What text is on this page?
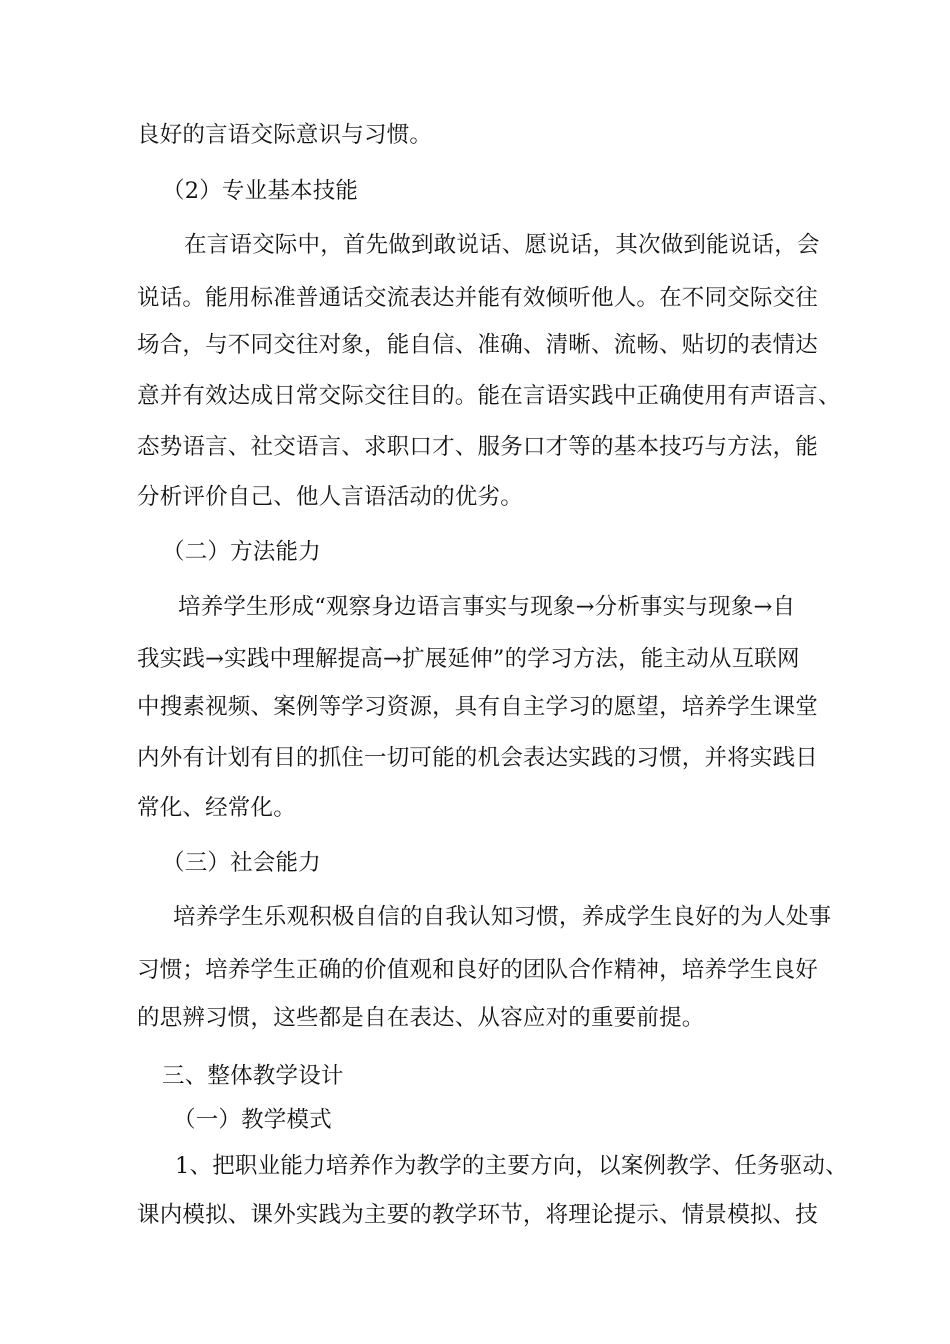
良好的言语交际意识与习惯。
（2）专业基本技能
在言语交际中，首先做到敢说话、愿说话，其次做到能说话，会
说话。能用标准普通话交流表达并能有效倾听他人。在不同交际交往
场合，与不同交往对象，能自信、准确、清晰、流畅、贴切的表情达
意并有效达成日常交际交往目的。能在言语实践中正确使用有声语言、
态势语言、社交语言、求职口才、服务口才等的基本技巧与方法，能
分析评价自己、他人言语活动的优劣。
（二）方法能力
培养学生形成“观察身边语言事实与现象→分析事实与现象→自
我实践→实践中理解提高→扩展延伸”的学习方法，能主动从互联网
中搜素视频、案例等学习资源，具有自主学习的愿望，培养学生课堂
内外有计划有目的抓住一切可能的机会表达实践的习惯，并将实践日
常化、经常化。
（三）社会能力
培养学生乐观积极自信的自我认知习惯，养成学生良好的为人处事
习惯；培养学生正确的价值观和良好的团队合作精神，培养学生良好
的思辨习惯，这些都是自在表达、从容应对的重要前提。
三、整体教学设计
（一）教学模式
1、把职业能力培养作为教学的主要方向，以案例教学、任务驱动、
课内模拟、课外实践为主要的教学环节，将理论提示、情景模拟、技
